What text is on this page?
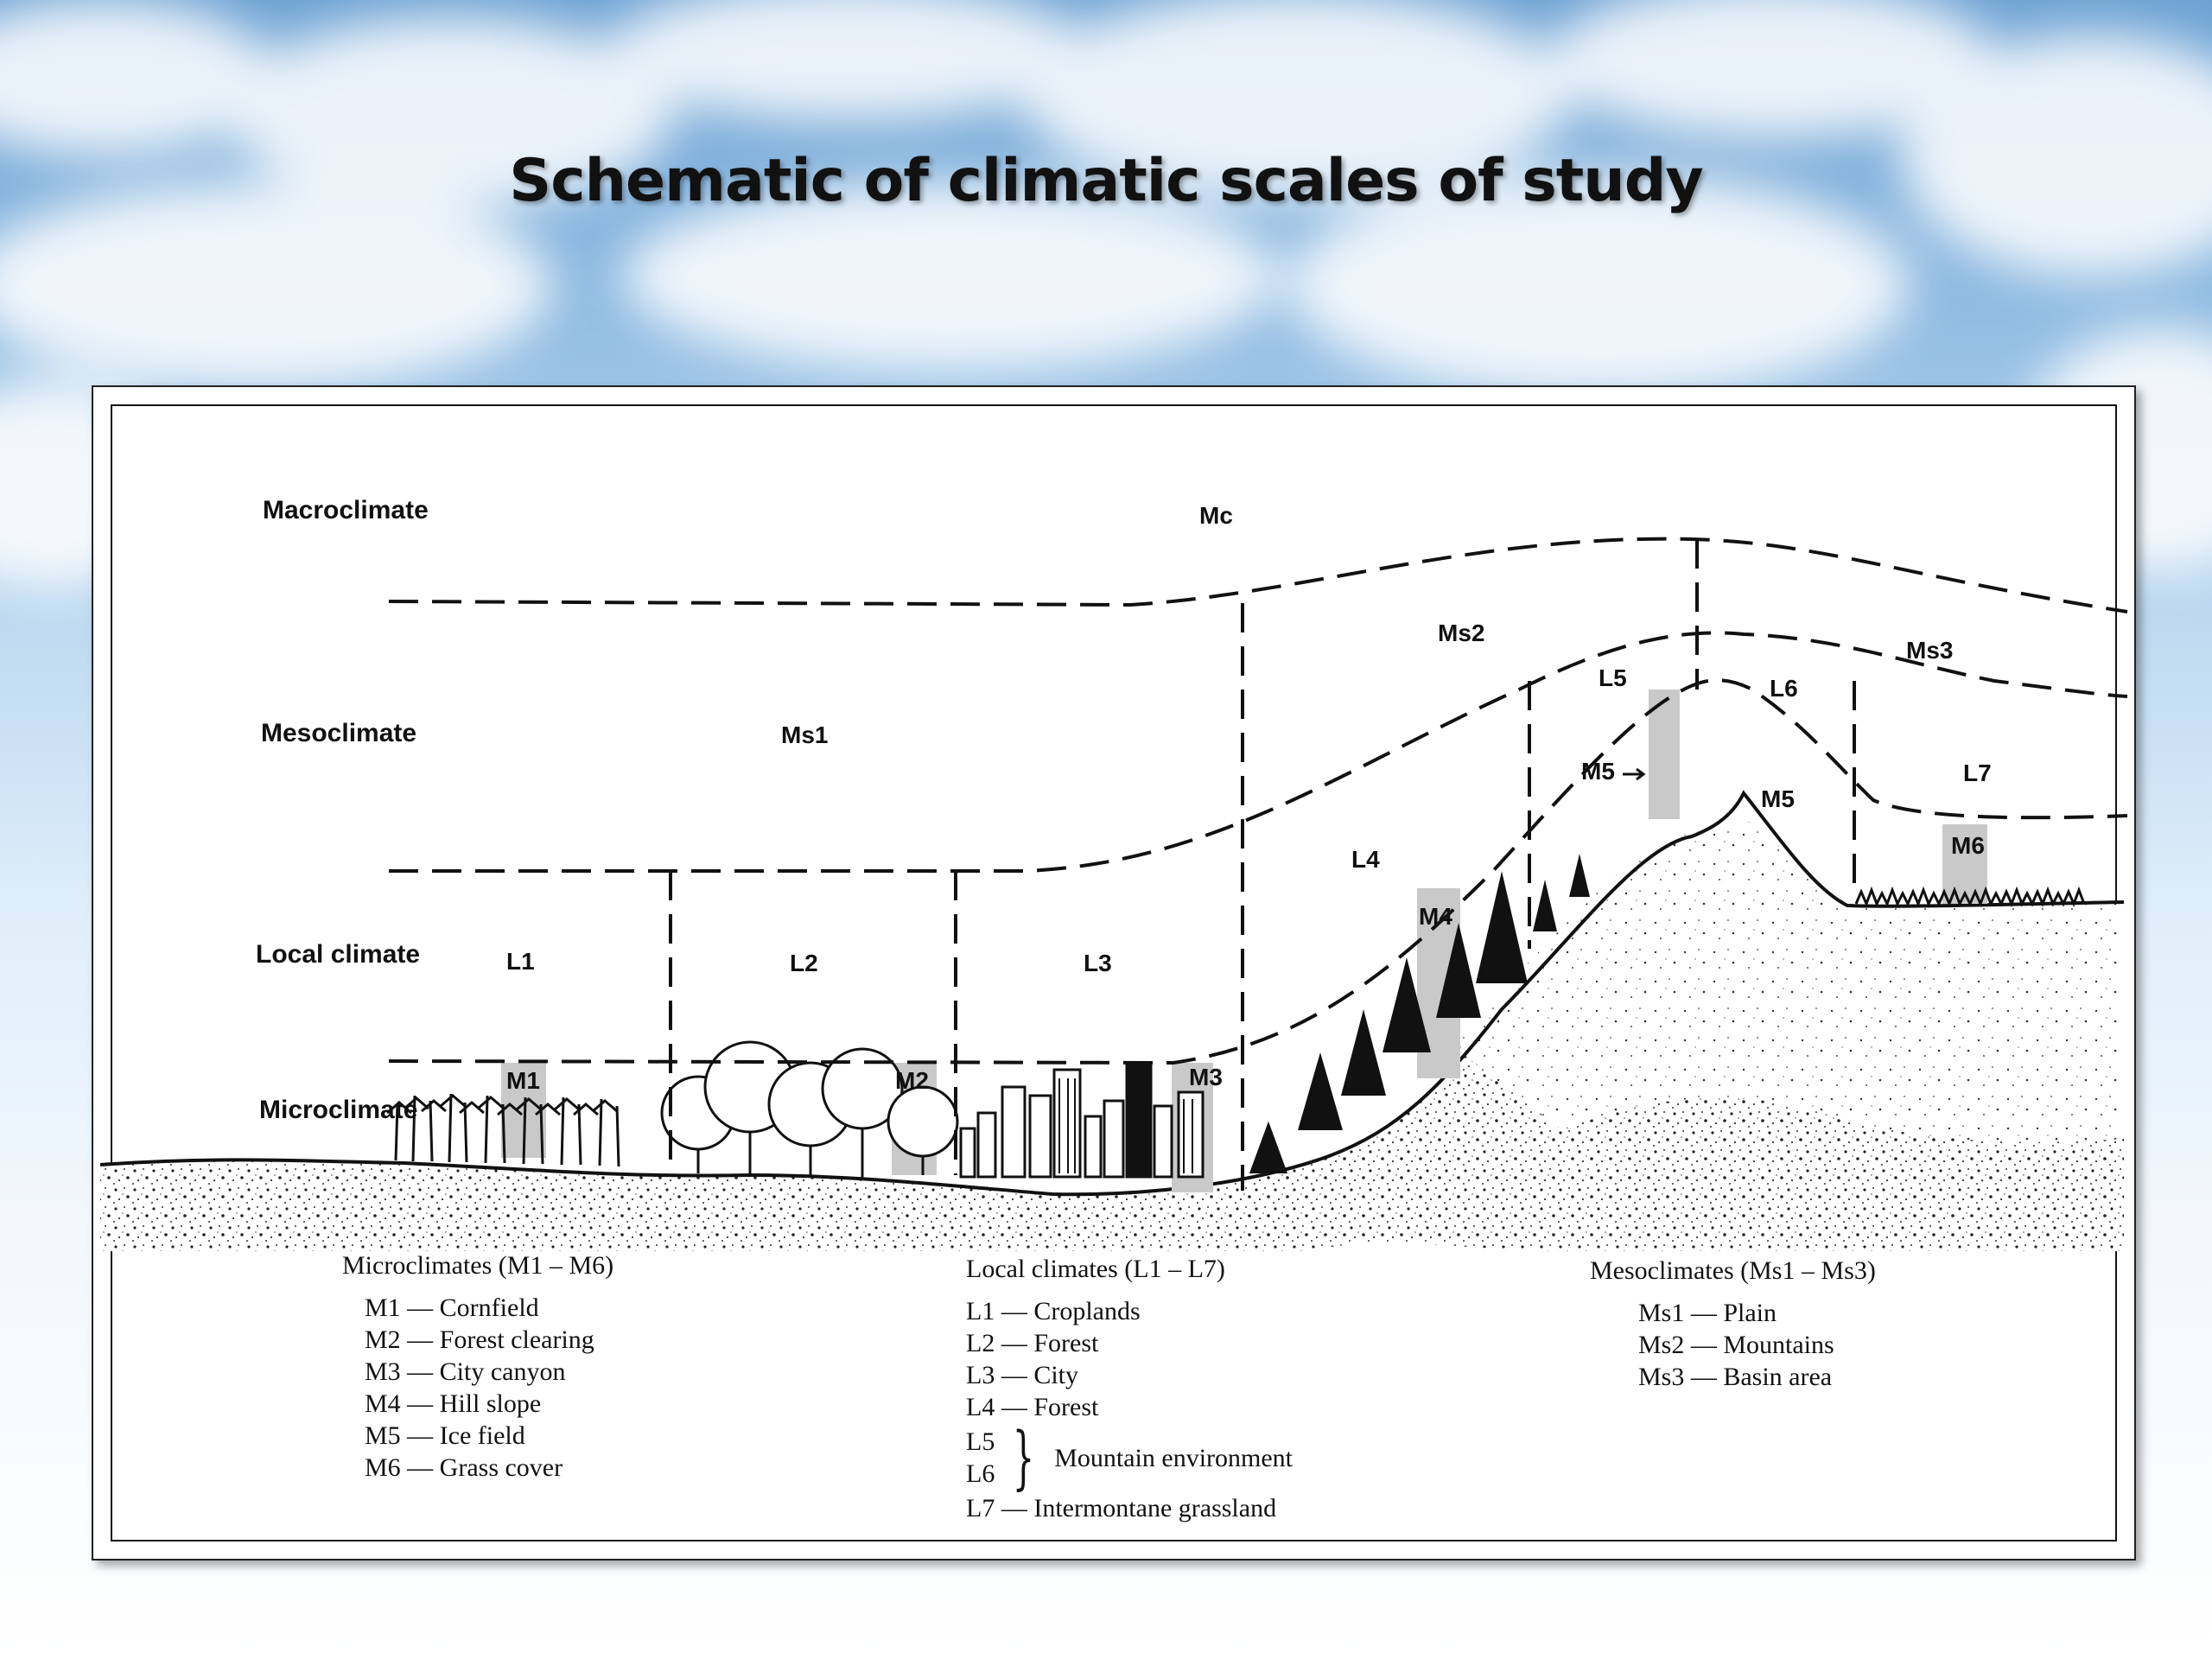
Schematic of climatic scales of study
Macroclimate
Mesoclimate
Local climate
Microclimate
Mc
Ms1
Ms2
Ms3
L1	L2	L3
L4
L5	L6
L7
M1	M2	M3
M4
M5
M5
M6
Microclimates (M1 – M6)
M1 — Cornfield
M2 — Forest clearing
M3 — City canyon
M4 — Hill slope
M5 — Ice field
M6 — Grass cover
Local climates (L1 – L7)
L1 — Croplands
L2 — Forest
L3 — City
L4 — Forest
L5
L6 } Mountain environment
L7 — Intermontane grassland
Mesoclimates (Ms1 – Ms3)
Ms1 — Plain
Ms2 — Mountains
Ms3 — Basin area
